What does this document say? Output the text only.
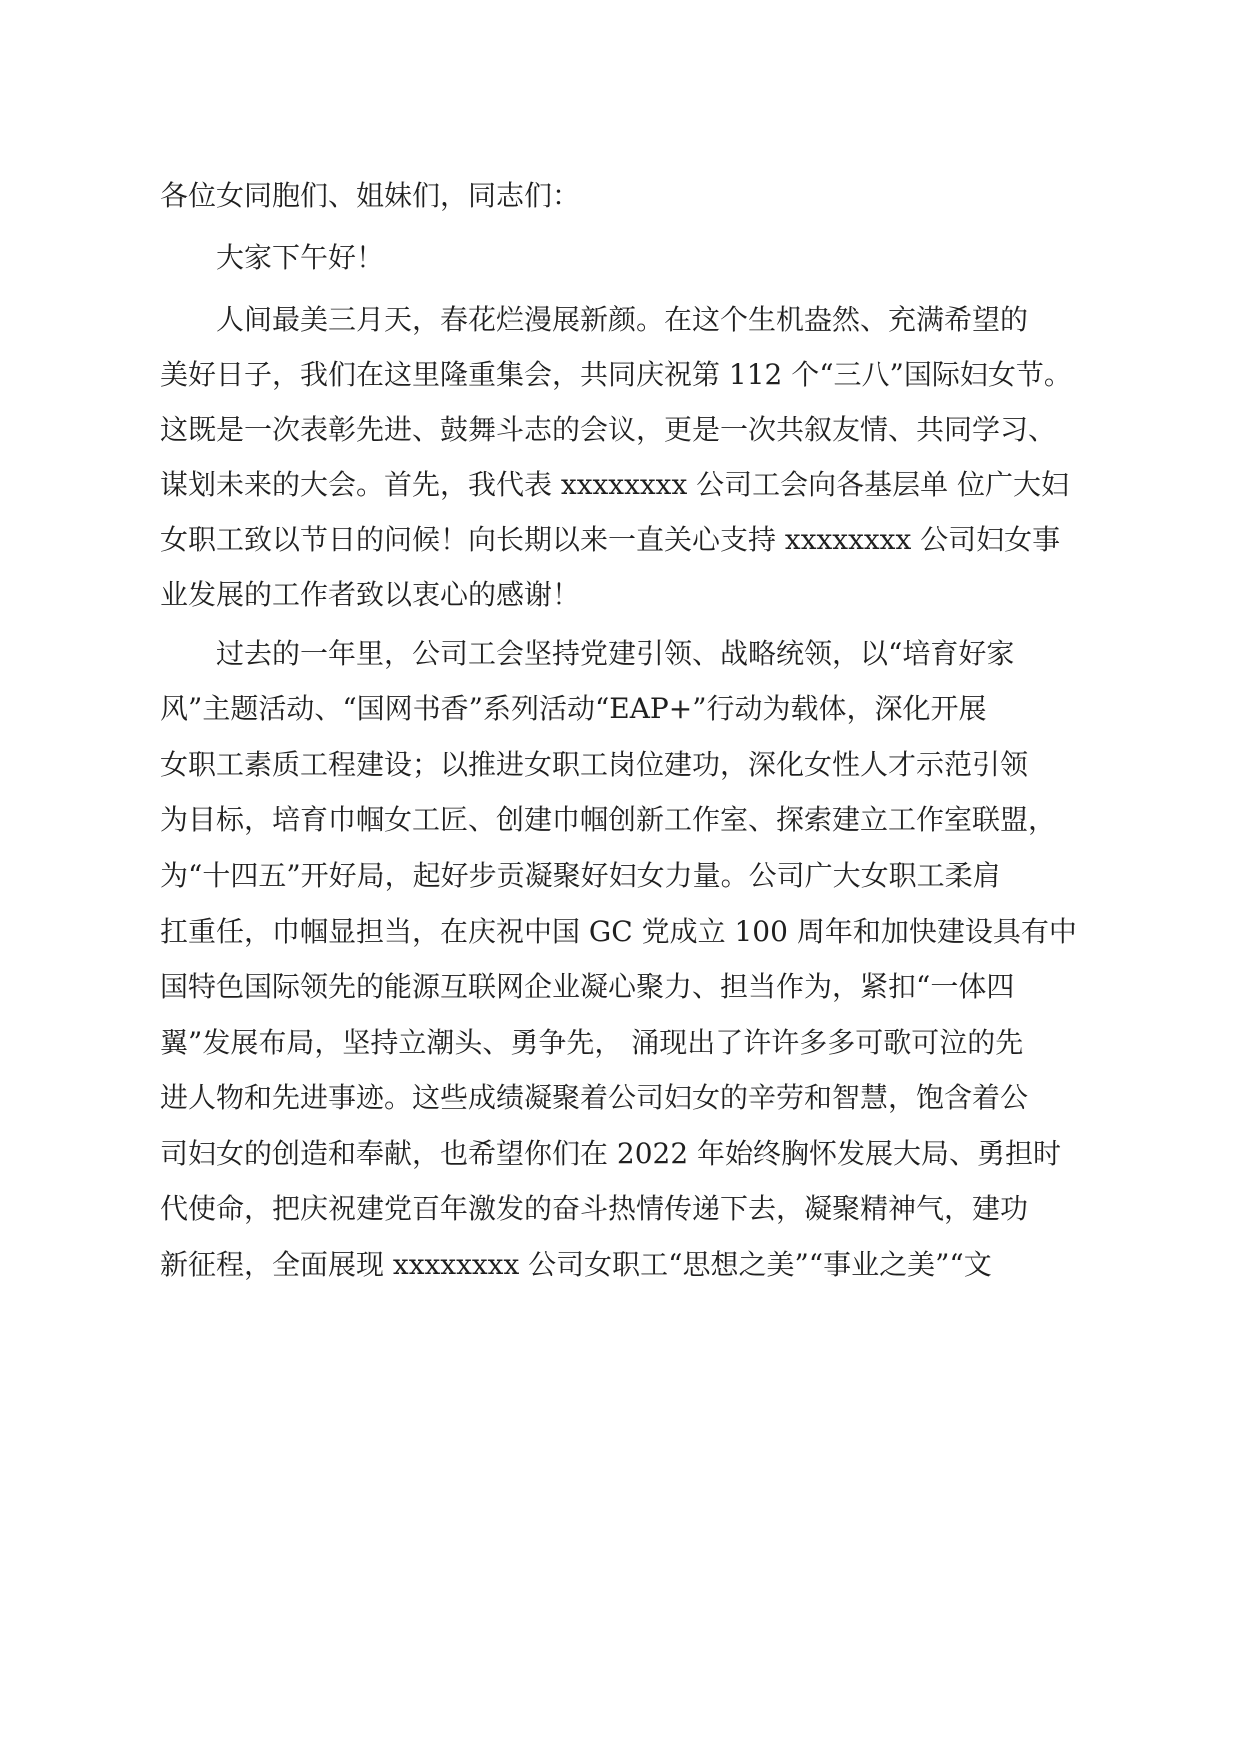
各位女同胞们、姐妹们，同志们：
大家下午好！
人间最美三月天，春花烂漫展新颜。在这个生机盎然、充满希望的
美好日子，我们在这里隆重集会，共同庆祝第 112 个“三八”国际妇女节。
这既是一次表彰先进、鼓舞斗志的会议，更是一次共叙友情、共同学习、
谋划未来的大会。首先，我代表 xxxxxxxx 公司工会向各基层单 位广大妇
女职工致以节日的问候！向长期以来一直关心支持 xxxxxxxx 公司妇女事
业发展的工作者致以衷心的感谢！
过去的一年里，公司工会坚持党建引领、战略统领，以“培育好家
风”主题活动、“国网书香”系列活动“EAP+”行动为载体，深化开展
女职工素质工程建设；以推进女职工岗位建功，深化女性人才示范引领
为目标，培育巾帼女工匠、创建巾帼创新工作室、探索建立工作室联盟，
为“十四五”开好局，起好步贡凝聚好妇女力量。公司广大女职工柔肩
扛重任，巾帼显担当，在庆祝中国 GC 党成立 100 周年和加快建设具有中
国特色国际领先的能源互联网企业凝心聚力、担当作为，紧扣“一体四
翼”发展布局，坚持立潮头、勇争先， 涌现出了许许多多可歌可泣的先
进人物和先进事迹。这些成绩凝聚着公司妇女的辛劳和智慧，饱含着公
司妇女的创造和奉献，也希望你们在 2022 年始终胸怀发展大局、勇担时
代使命，把庆祝建党百年激发的奋斗热情传递下去，凝聚精神气，建功
新征程，全面展现 xxxxxxxx 公司女职工“思想之美”“事业之美”“文
